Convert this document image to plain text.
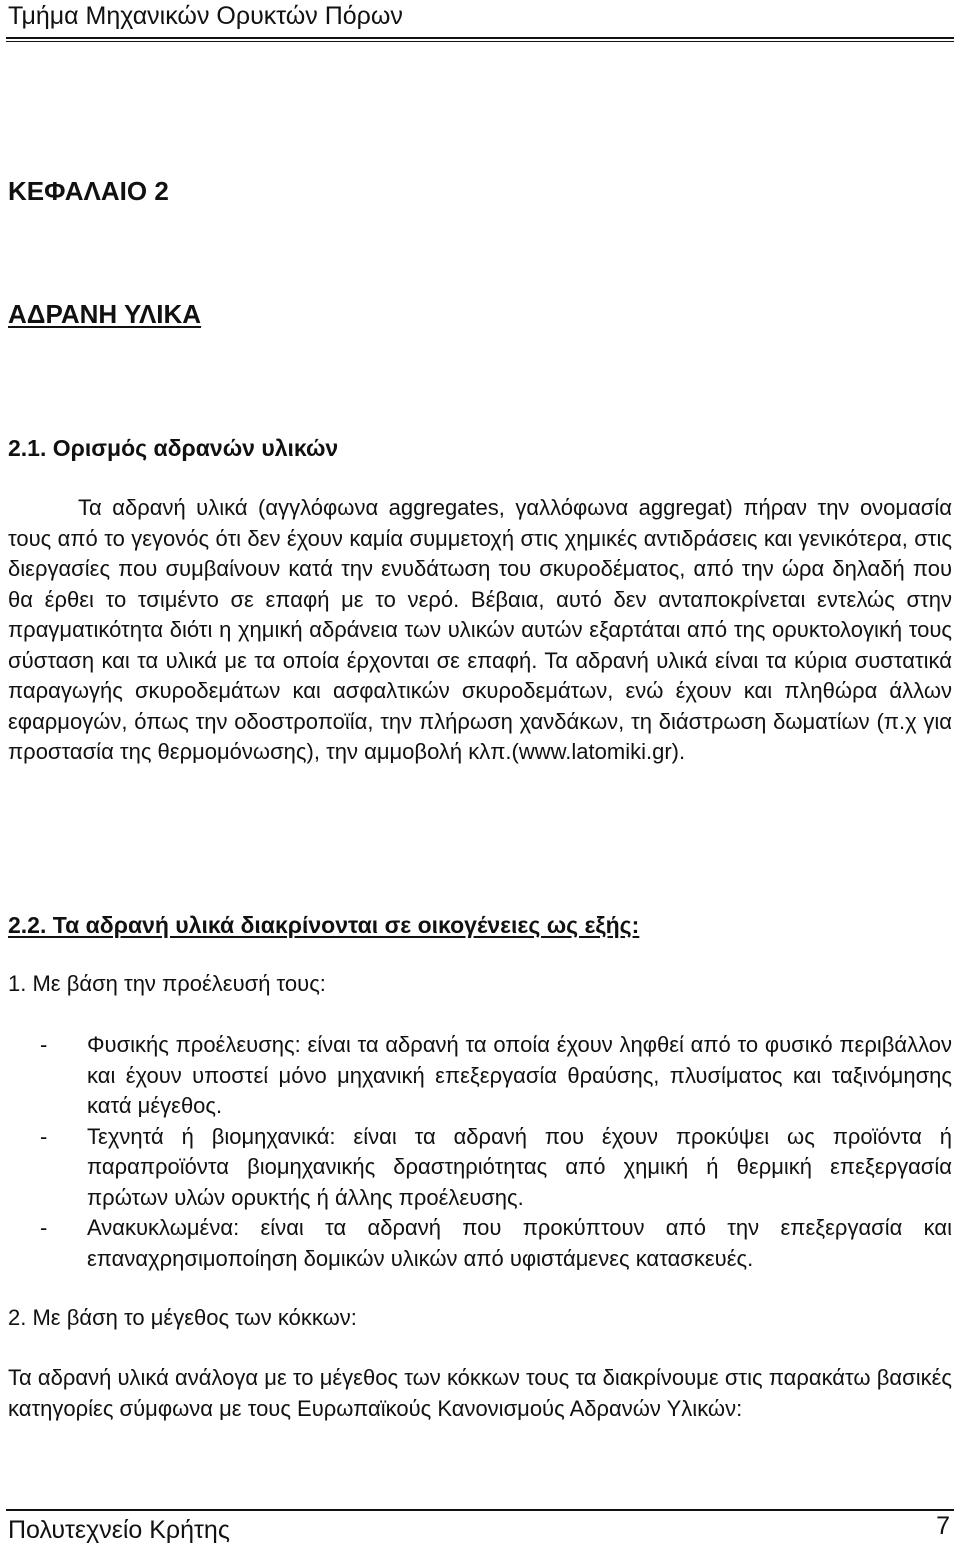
Τμήμα Μηχανικών Ορυκτών Πόρων
ΚΕΦΑΛΑΙΟ 2
ΑΔΡΑΝΗ ΥΛΙΚΑ
2.1. Ορισμός αδρανών υλικών

Τα αδρανή υλικά (αγγλόφωνα aggregates, γαλλόφωνα aggregat) πήραν την ονομασία τους από το γεγονός ότι δεν έχουν καμία συμμετοχή στις χημικές αντιδράσεις και γενικότερα, στις διεργασίες που συμβαίνουν κατά την ενυδάτωση του σκυροδέματος, από την ώρα δηλαδή που θα έρθει το τσιμέντο σε επαφή με το νερό. Βέβαια, αυτό δεν ανταποκρίνεται εντελώς στην πραγματικότητα διότι η χημική αδράνεια των υλικών αυτών εξαρτάται από της ορυκτολογική τους σύσταση και τα υλικά με τα οποία έρχονται σε επαφή. Τα αδρανή υλικά είναι τα κύρια συστατικά παραγωγής σκυροδεμάτων και ασφαλτικών σκυροδεμάτων, ενώ έχουν και πληθώρα άλλων εφαρμογών, όπως την οδοστροποϊία, την πλήρωση χανδάκων, τη διάστρωση δωματίων (π.χ για προστασία της θερμομόνωσης), την αμμοβολή κλπ.(www.latomiki.gr).

2.2. Τα αδρανή υλικά διακρίνονται σε οικογένειες ως εξής:
1. Με βάση την προέλευσή τους:
- Φυσικής προέλευσης: είναι τα αδρανή τα οποία έχουν ληφθεί από το φυσικό περιβάλλον και έχουν υποστεί μόνο μηχανική επεξεργασία θραύσης, πλυσίματος και ταξινόμησης κατά μέγεθος.
- Τεχνητά ή βιομηχανικά: είναι τα αδρανή που έχουν προκύψει ως προϊόντα ή παραπροϊόντα βιομηχανικής δραστηριότητας από χημική ή θερμική επεξεργασία πρώτων υλών ορυκτής ή άλλης προέλευσης.
- Ανακυκλωμένα: είναι τα αδρανή που προκύπτουν από την επεξεργασία και επαναχρησιμοποίηση δομικών υλικών από υφιστάμενες κατασκευές.
2. Με βάση το μέγεθος των κόκκων:

Τα αδρανή υλικά ανάλογα με το μέγεθος των κόκκων τους τα διακρίνουμε στις παρακάτω βασικές κατηγορίες σύμφωνα με τους Ευρωπαϊκούς Κανονισμούς Αδρανών Υλικών:

Πολυτεχνείο Κρήτης	7
